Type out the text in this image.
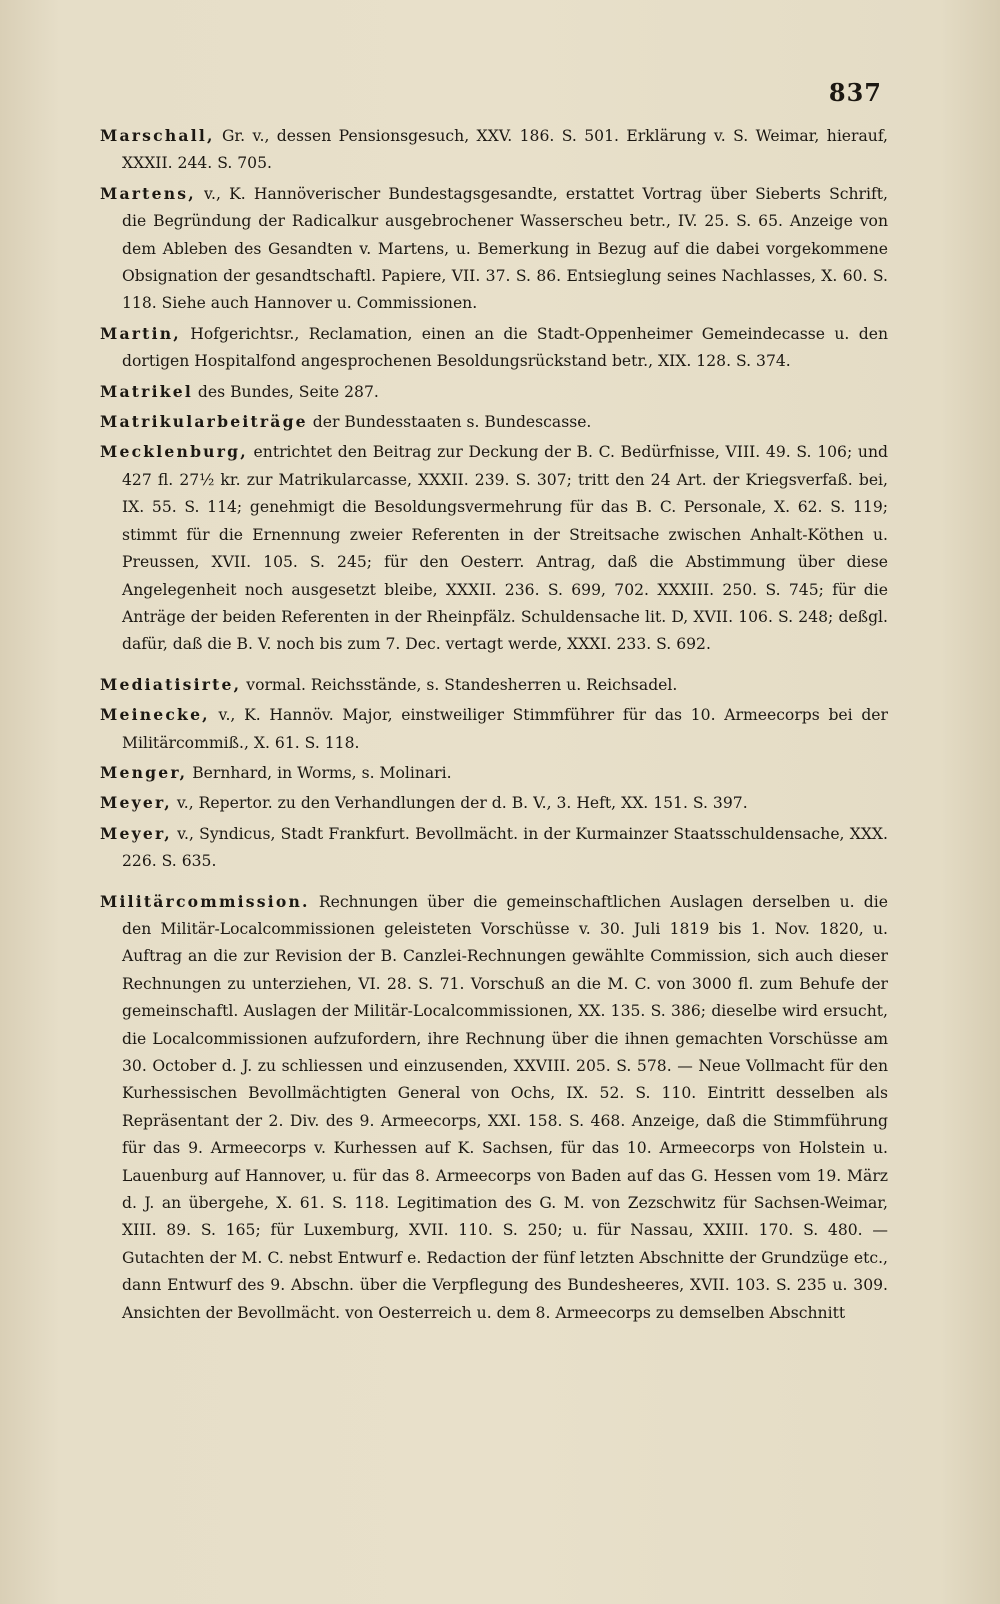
837

Marschall, Gr. v., dessen Pensionsgesuch, XXV. 186. S. 501. Erklärung v. S. Weimar, hierauf, XXXII. 244. S. 705.

Martens, v., K. Hannöverischer Bundestagsgesandte, erstattet Vortrag über Sieberts Schrift, die Begründung der Radicalkur ausgebrochener Wasserscheu betr., IV. 25. S. 65. Anzeige von dem Ableben des Gesandten v. Martens, u. Bemerkung in Bezug auf die dabei vorgekommene Obsignation der gesandtschaftl. Papiere, VII. 37. S. 86. Entsieglung seines Nachlasses, X. 60. S. 118. Siehe auch Hannover u. Commissionen.

Martin, Hofgerichtsr., Reclamation, einen an die Stadt-Oppenheimer Gemeindecasse u. den dortigen Hospitalfond angesprochenen Besoldungsrückstand betr., XIX. 128. S. 374.

Matrikel des Bundes, Seite 287.

Matrikularbeiträge der Bundesstaaten s. Bundescasse.

Mecklenburg, entrichtet den Beitrag zur Deckung der B. C. Bedürfnisse, VIII. 49. S. 106; und 427 fl. 27½ kr. zur Matrikularcasse, XXXII. 239. S. 307; tritt den 24 Art. der Kriegsverfaß. bei, IX. 55. S. 114; genehmigt die Besoldungsvermehrung für das B. C. Personale, X. 62. S. 119; stimmt für die Ernennung zweier Referenten in der Streitsache zwischen Anhalt-Köthen u. Preussen, XVII. 105. S. 245; für den Oesterr. Antrag, daß die Abstimmung über diese Angelegenheit noch ausgesetzt bleibe, XXXII. 236. S. 699, 702. XXXIII. 250. S. 745; für die Anträge der beiden Referenten in der Rheinpfälz. Schuldensache lit. D, XVII. 106. S. 248; deßgl. dafür, daß die B. V. noch bis zum 7. Dec. vertagt werde, XXXI. 233. S. 692.

Mediatisirte, vormal. Reichsstände, s. Standesherren u. Reichsadel.

Meinecke, v., K. Hannöv. Major, einstweiliger Stimmführer für das 10. Armeecorps bei der Militärcommiß., X. 61. S. 118.

Menger, Bernhard, in Worms, s. Molinari.

Meyer, v., Repertor. zu den Verhandlungen der d. B. V., 3. Heft, XX. 151. S. 397.

Meyer, v., Syndicus, Stadt Frankfurt. Bevollmächt. in der Kurmainzer Staatsschuldensache, XXX. 226. S. 635.

Militärcommission. Rechnungen über die gemeinschaftlichen Auslagen derselben u. die den Militär-Localcommissionen geleisteten Vorschüsse v. 30. Juli 1819 bis 1. Nov. 1820, u. Auftrag an die zur Revision der B. Canzlei-Rechnungen gewählte Commission, sich auch dieser Rechnungen zu unterziehen, VI. 28. S. 71. Vorschuß an die M. C. von 3000 fl. zum Behufe der gemeinschaftl. Auslagen der Militär-Localcommissionen, XX. 135. S. 386; dieselbe wird ersucht, die Localcommissionen aufzufordern, ihre Rechnung über die ihnen gemachten Vorschüsse am 30. October d. J. zu schliessen und einzusenden, XXVIII. 205. S. 578. — Neue Vollmacht für den Kurhessischen Bevollmächtigten General von Ochs, IX. 52. S. 110. Eintritt desselben als Repräsentant der 2. Div. des 9. Armeecorps, XXI. 158. S. 468. Anzeige, daß die Stimmführung für das 9. Armeecorps v. Kurhessen auf K. Sachsen, für das 10. Armeecorps von Holstein u. Lauenburg auf Hannover, u. für das 8. Armeecorps von Baden auf das G. Hessen vom 19. März d. J. an übergehe, X. 61. S. 118. Legitimation des G. M. von Zezschwitz für Sachsen-Weimar, XIII. 89. S. 165; für Luxemburg, XVII. 110. S. 250; u. für Nassau, XXIII. 170. S. 480. — Gutachten der M. C. nebst Entwurf e. Redaction der fünf letzten Abschnitte der Grundzüge etc., dann Entwurf des 9. Abschn. über die Verpflegung des Bundesheeres, XVII. 103. S. 235 u. 309. Ansichten der Bevollmächt. von Oesterreich u. dem 8. Armeecorps zu demselben Abschnitt
